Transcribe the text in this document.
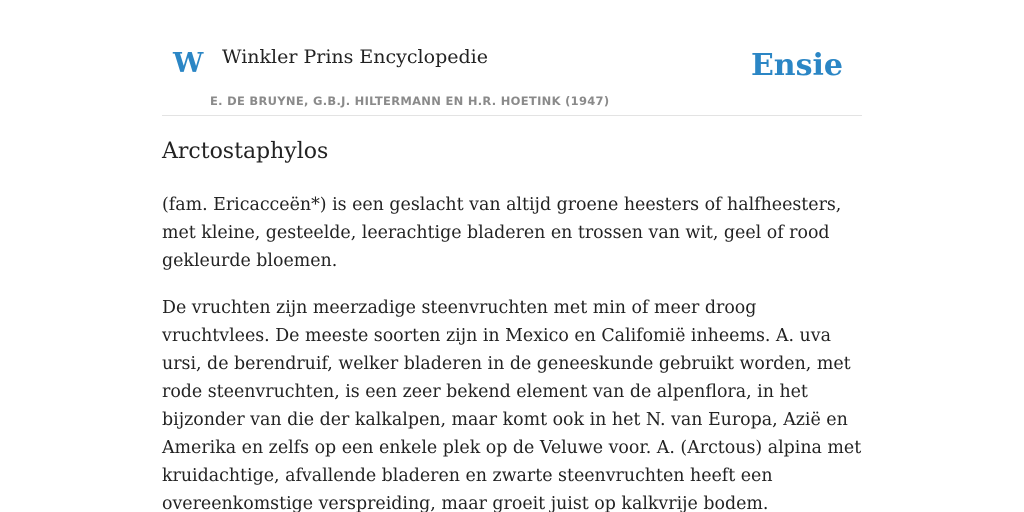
W Winkler Prins Encyclopedie
E. DE BRUYNE, G.B.J. HILTERMANN EN H.R. HOETINK (1947)
Ensie
Arctostaphylos

(fam. Ericacceën*) is een geslacht van altijd groene heesters of halfheesters, met kleine, gesteelde, leerachtige bladeren en trossen van wit, geel of rood gekleurde bloemen.

De vruchten zijn meerzadige steenvruchten met min of meer droog vruchtvlees. De meeste soorten zijn in Mexico en Califomië inheems. A. uva ursi, de berendruif, welker bladeren in de geneeskunde gebruikt worden, met rode steenvruchten, is een zeer bekend element van de alpenflora, in het bijzonder van die der kalkalpen, maar komt ook in het N. van Europa, Azië en Amerika en zelfs op een enkele plek op de Veluwe voor. A. (Arctous) alpina met kruidachtige, afvallende bladeren en zwarte steenvruchten heeft een overeenkomstige verspreiding, maar groeit juist op kalkvrije bodem.
